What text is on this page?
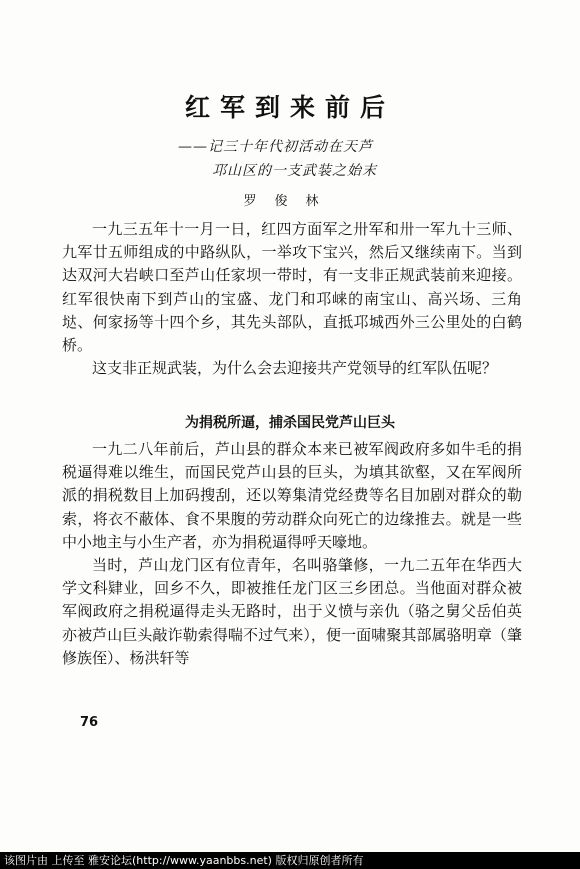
红军到来前后
——记三十年代初活动在天芦
邛山区的一支武装之始末
罗俊林

一九三五年十一月一日，红四方面军之卅军和卅一军九十三师、九军廿五师组成的中路纵队，一举攻下宝兴，然后又继续南下。当到达双河大岩峡口至芦山任家坝一带时，有一支非正规武装前来迎接。红军很快南下到芦山的宝盛、龙门和邛崃的南宝山、高兴场、三角垯、何家扬等十四个乡，其先头部队，直抵邛城西外三公里处的白鹤桥。

这支非正规武装，为什么会去迎接共产党领导的红军队伍呢？

为捐税所逼，捕杀国民党芦山巨头

一九二八年前后，芦山县的群众本来已被军阀政府多如牛毛的捐税逼得难以维生，而国民党芦山县的巨头，为填其欲壑，又在军阀所派的捐税数目上加码搜刮，还以筹集清党经费等名目加剧对群众的勒索，将衣不蔽体、食不果腹的劳动群众向死亡的边缘推去。就是一些中小地主与小生产者，亦为捐税逼得呼天嚎地。

当时，芦山龙门区有位青年，名叫骆肇修，一九二五年在华西大学文科肄业，回乡不久，即被推任龙门区三乡团总。当他面对群众被军阀政府之捐税逼得走头无路时，出于义愤与亲仇（骆之舅父岳伯英亦被芦山巨头敲诈勒索得喘不过气来），便一面啸聚其部属骆明章（肇修族侄）、杨洪轩等

76
该图片由 上传至 雅安论坛(http://www.yaanbbs.net) 版权归原创者所有
